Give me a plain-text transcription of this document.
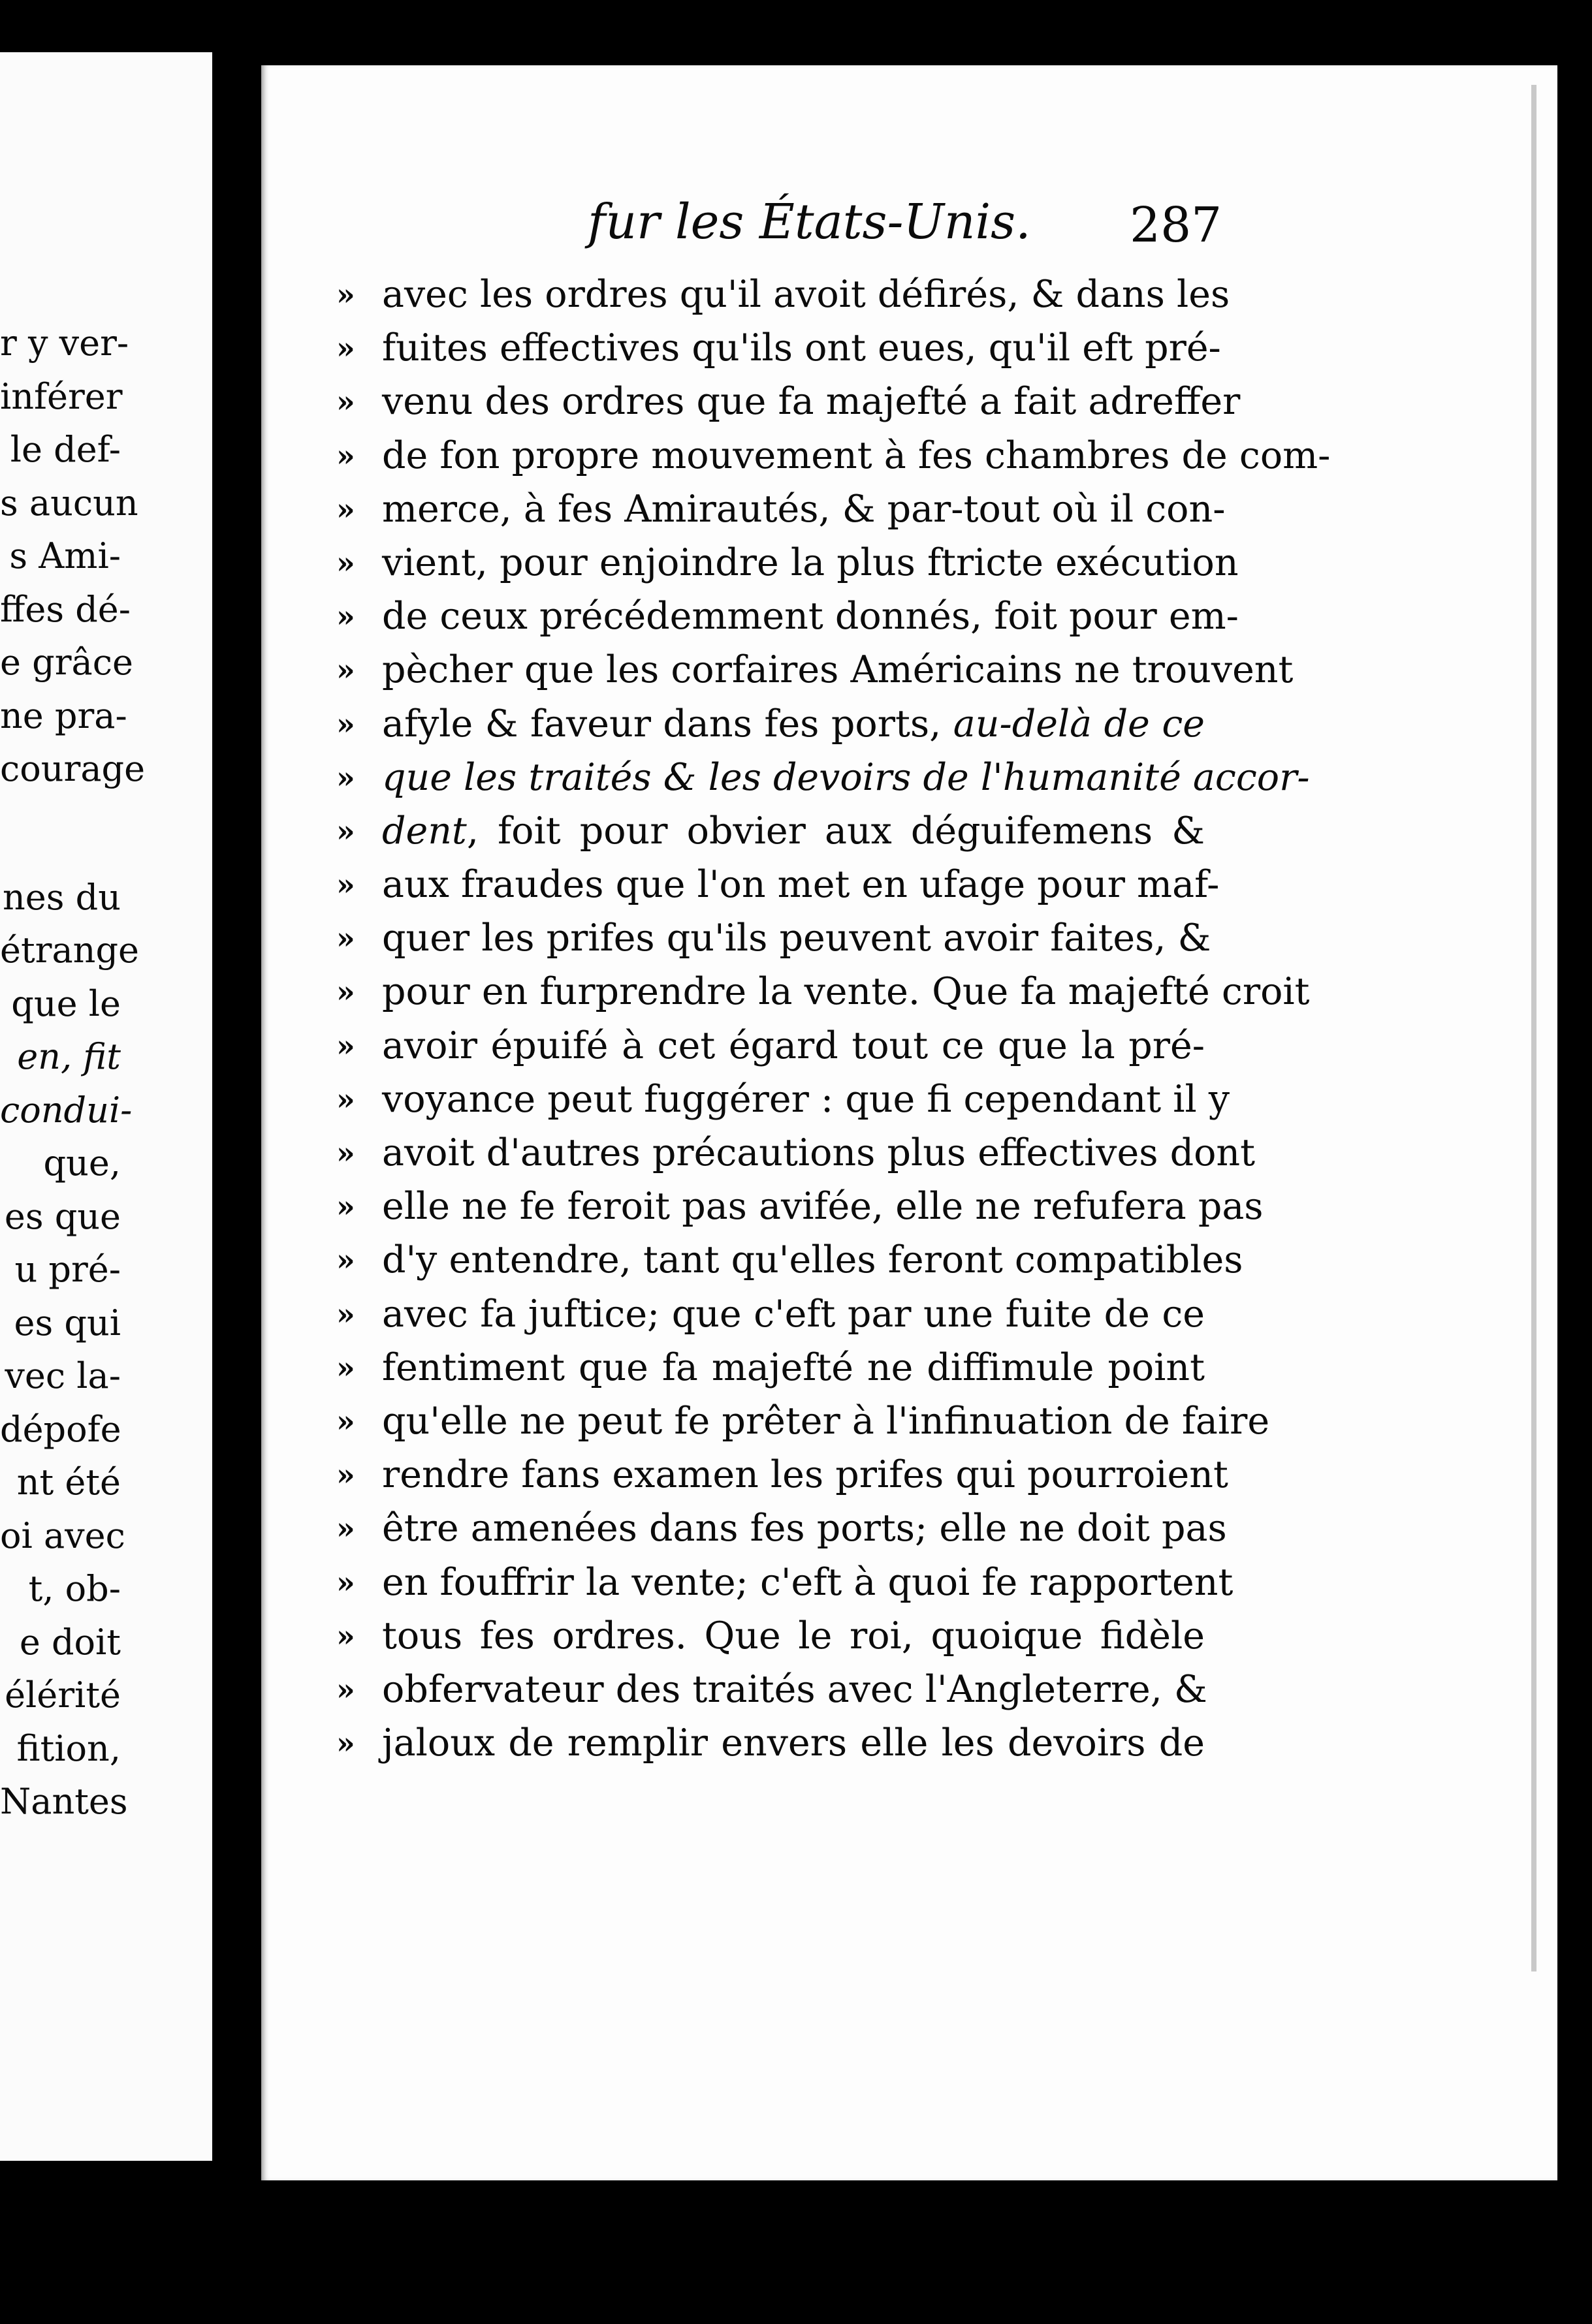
r y ver-
inférer
le def-
s aucun
s Ami-
ffes dé-
e grâce
ne pra-
courage
nes du
étrange
que le
en, fit
condui-
que,
es que
u pré-
es qui
vec la-
dépofe
nt été
oi avec
t, ob-
e doit
élérité
fition,
Nantes
fur les États-Unis. 287
» avec les ordres qu'il avoit défirés, & dans les
» fuites effectives qu'ils ont eues, qu'il eft pré-
» venu des ordres que fa majefté a fait adreffer
» de fon propre mouvement à fes chambres de com-
» merce, à fes Amirautés, & par-tout où il con-
» vient, pour enjoindre la plus ftricte exécution
» de ceux précédemment donnés, foit pour em-
» pècher que les corfaires Américains ne trouvent
» afyle & faveur dans fes ports, au-delà de ce
» que les traités & les devoirs de l'humanité accor-
» dent, foit pour obvier aux déguifemens &
» aux fraudes que l'on met en ufage pour maf-
» quer les prifes qu'ils peuvent avoir faites, &
» pour en furprendre la vente. Que fa majefté croit
» avoir épuifé à cet égard tout ce que la pré-
» voyance peut fuggérer : que fi cependant il y
» avoit d'autres précautions plus effectives dont
» elle ne fe feroit pas avifée, elle ne refufera pas
» d'y entendre, tant qu'elles feront compatibles
» avec fa juftice; que c'eft par une fuite de ce
» fentiment que fa majefté ne diffimule point
» qu'elle ne peut fe prêter à l'infinuation de faire
» rendre fans examen les prifes qui pourroient
» être amenées dans fes ports; elle ne doit pas
» en fouffrir la vente; c'eft à quoi fe rapportent
» tous fes ordres. Que le roi, quoique fidèle
» obfervateur des traités avec l'Angleterre, &
» jaloux de remplir envers elle les devoirs de
